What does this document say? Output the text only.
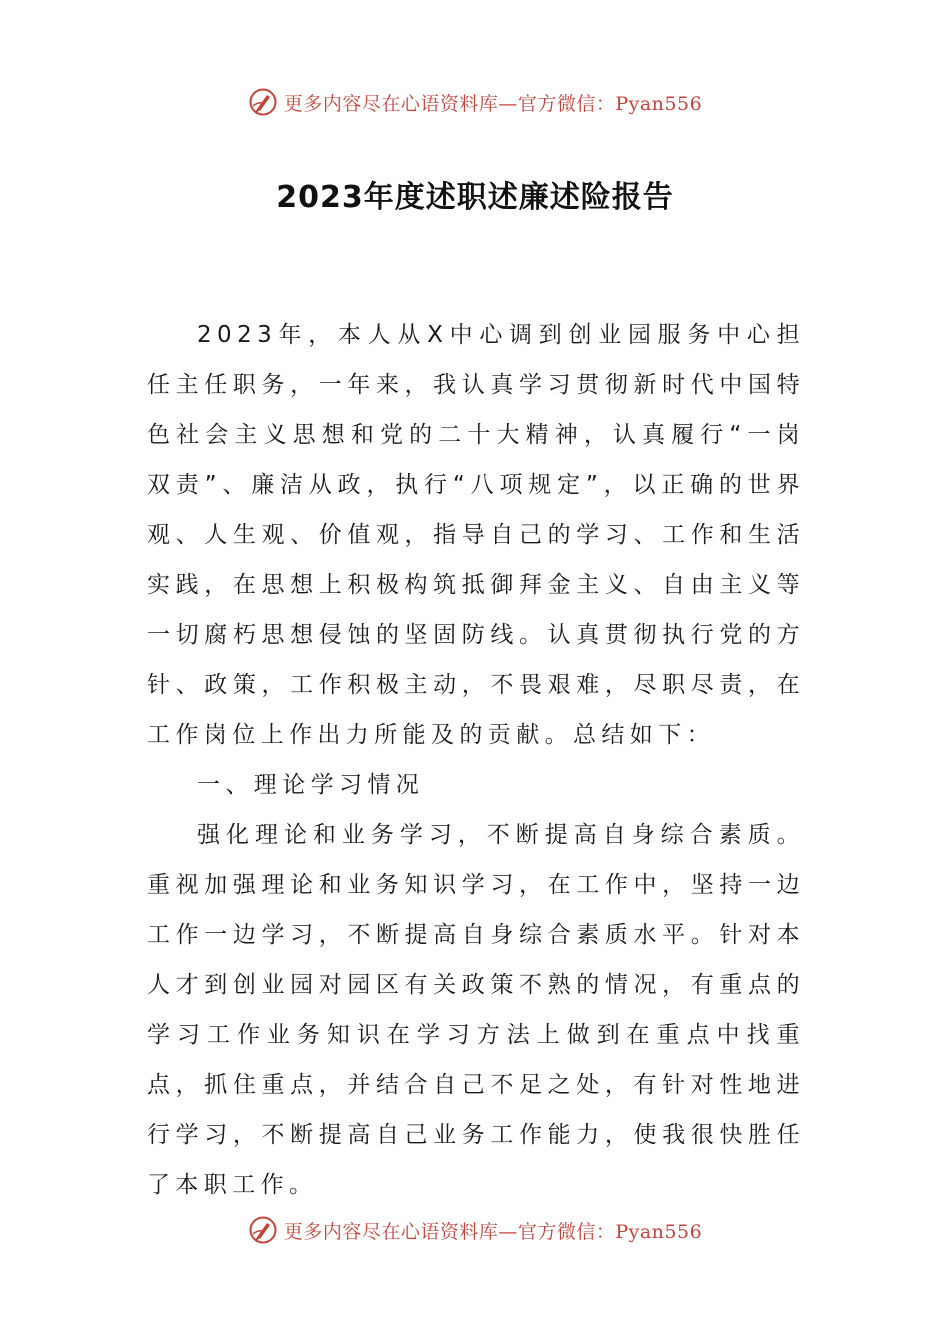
更多内容尽在心语资料库—官方微信：Pyan556
2023年度述职述廉述险报告

2023年，本人从X中心调到创业园服务中心担任主任职务，一年来，我认真学习贯彻新时代中国特色社会主义思想和党的二十大精神，认真履行“一岗双责”、廉洁从政，执行“八项规定”，以正确的世界观、人生观、价值观，指导自己的学习、工作和生活实践，在思想上积极构筑抵御拜金主义、自由主义等一切腐朽思想侵蚀的坚固防线。认真贯彻执行党的方针、政策，工作积极主动，不畏艰难，尽职尽责，在工作岗位上作出力所能及的贡献。总结如下：

一、理论学习情况

强化理论和业务学习，不断提高自身综合素质。重视加强理论和业务知识学习，在工作中，坚持一边工作一边学习，不断提高自身综合素质水平。针对本人才到创业园对园区有关政策不熟的情况，有重点的学习工作业务知识在学习方法上做到在重点中找重点，抓住重点，并结合自己不足之处，有针对性地进行学习，不断提高自己业务工作能力，使我很快胜任了本职工作。

更多内容尽在心语资料库—官方微信：Pyan556
